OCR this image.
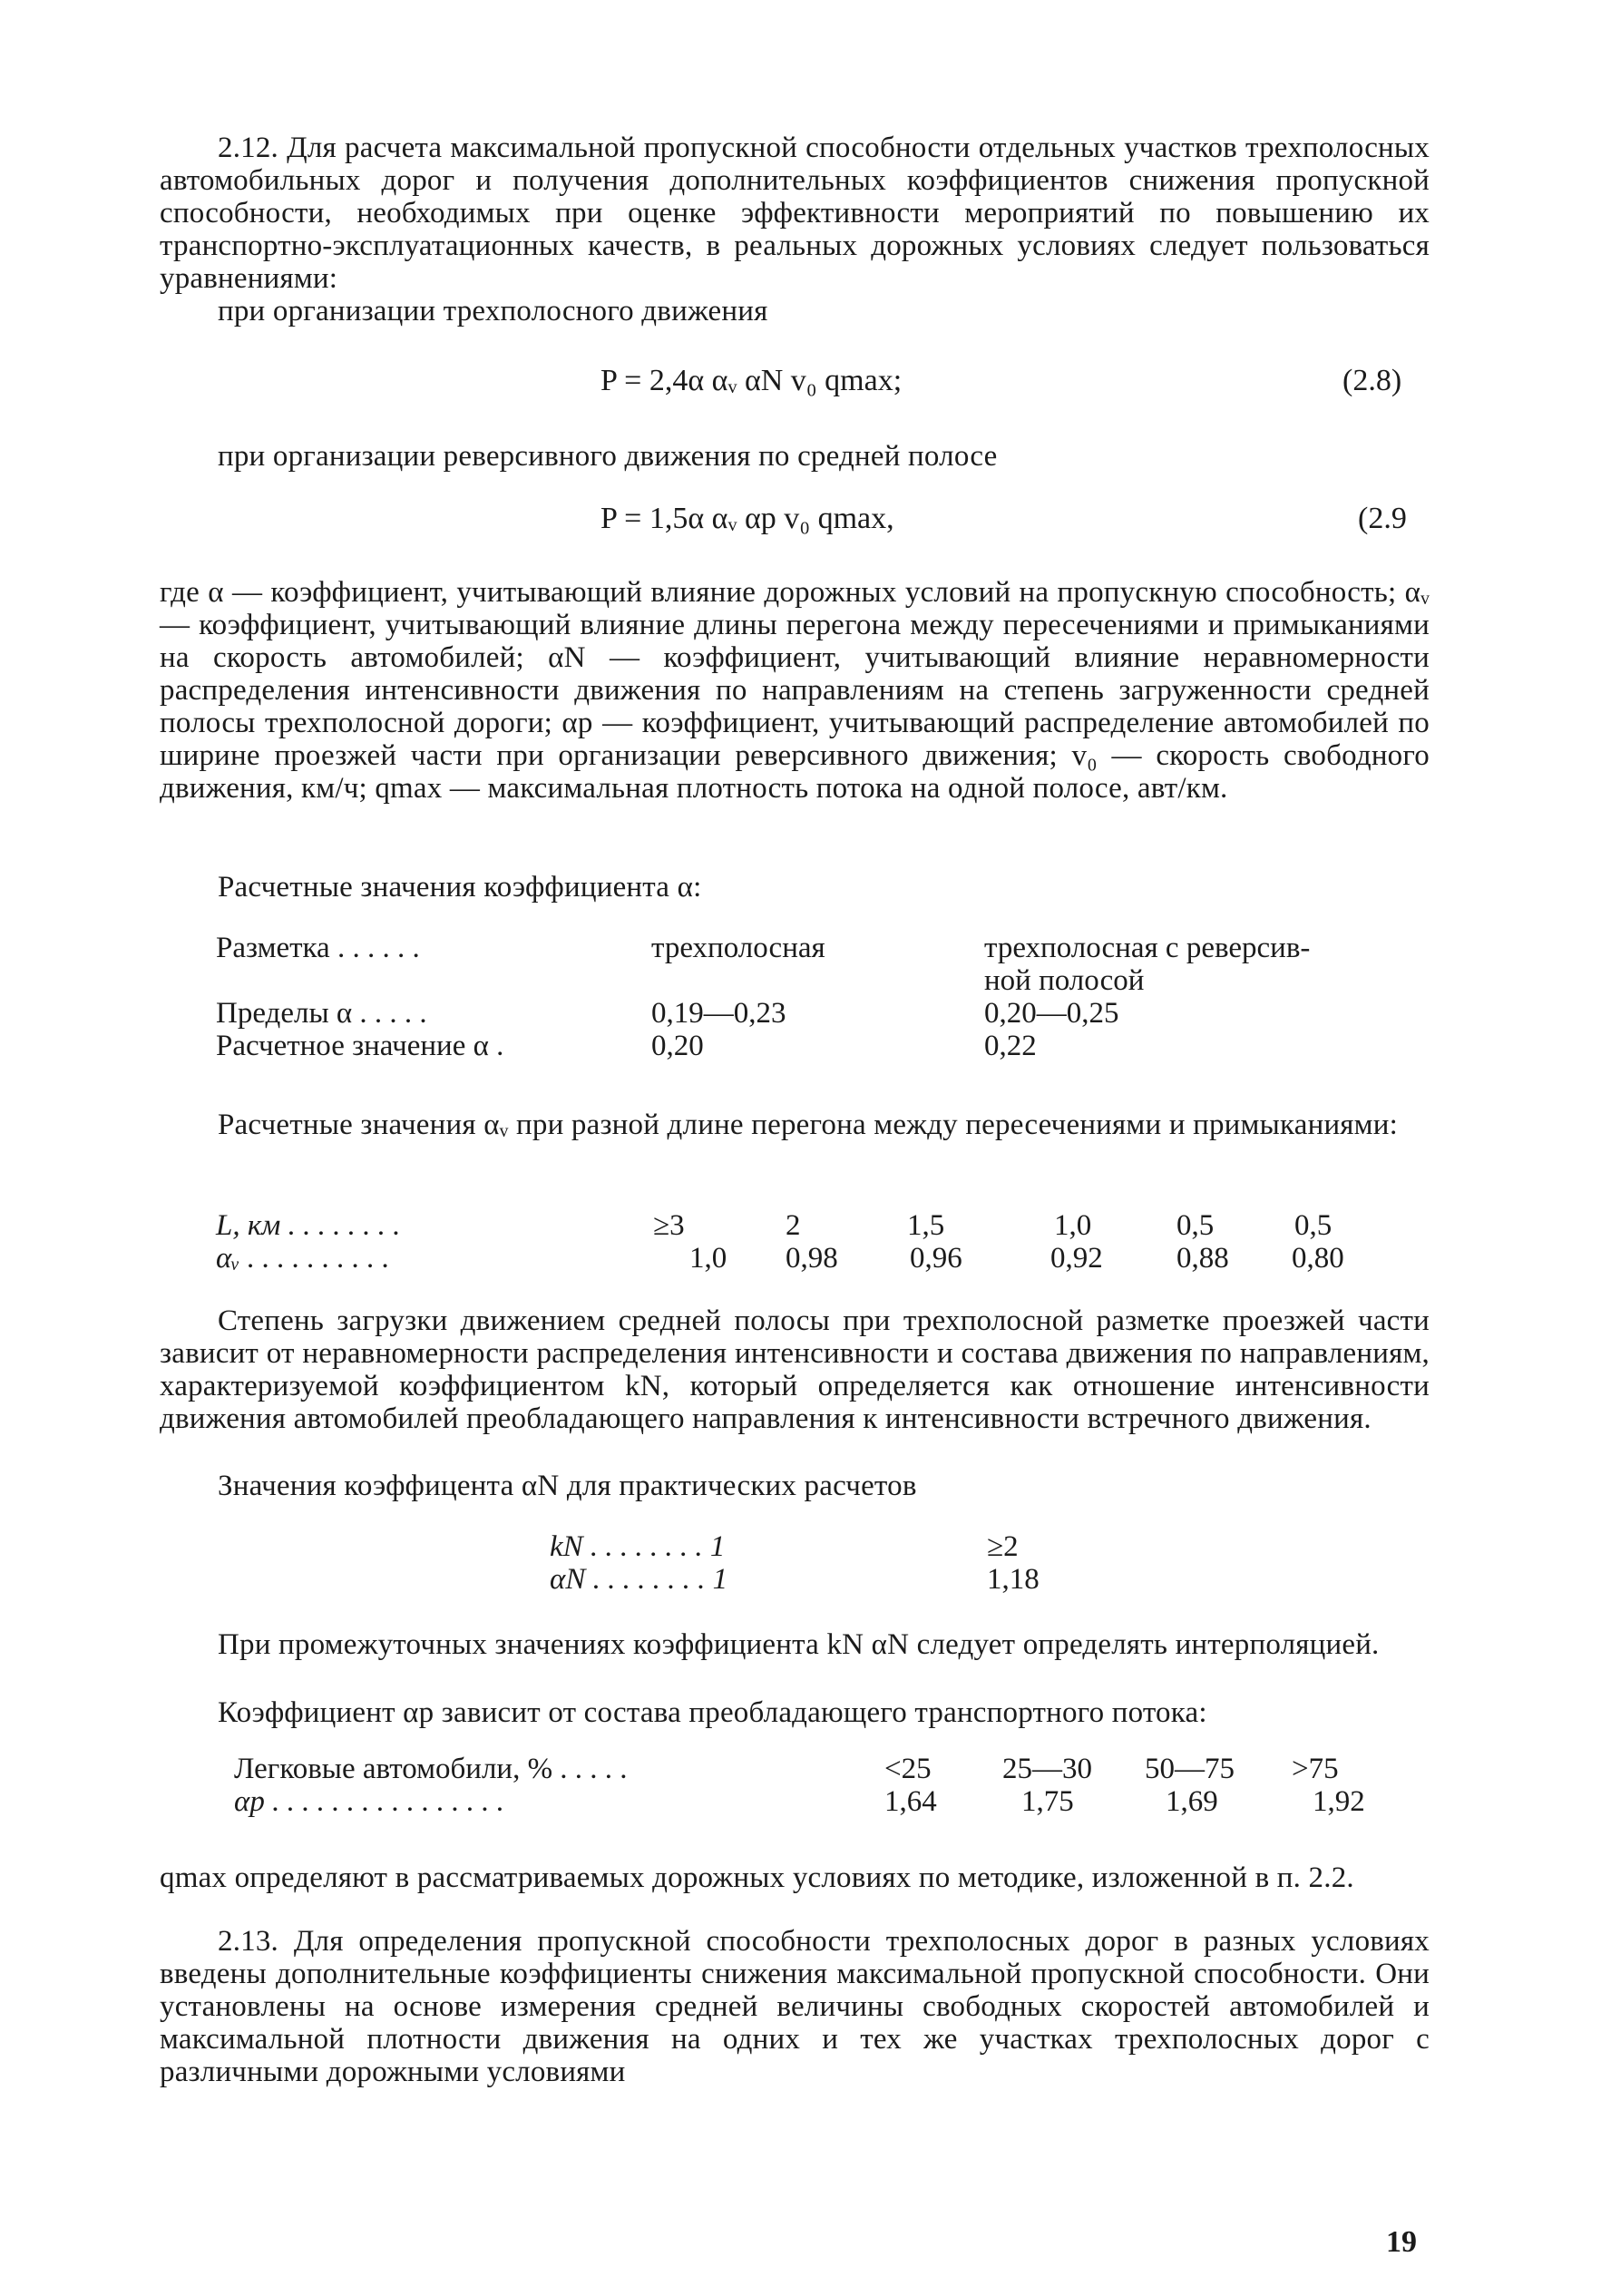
2.12. Для расчета максимальной пропускной способности отдельных участков трехполосных автомобильных дорог и получения дополнительных коэффициентов снижения пропускной способности, необходимых при оценке эффективности мероприятий по повышению их транспортно-эксплуатационных качеств, в реальных дорожных условиях следует пользоваться уравнениями:
при организации трехполосного движения
P = 2,4α αᵥ αN v₀ qmax;	(2.8)
при организации реверсивного движения по средней полосе
P = 1,5α αᵥ αр v₀ qmax,	(2.9
где α — коэффициент, учитывающий влияние дорожных условий на пропускную способность; αᵥ — коэффициент, учитывающий влияние длины перегона между пересечениями и примыканиями на скорость автомобилей; αN — коэффициент, учитывающий влияние неравномерности распределения интенсивности движения по направлениям на степень загруженности средней полосы трехполосной дороги; αр — коэффициент, учитывающий распределение автомобилей по ширине проезжей части при организации реверсивного движения; v₀ — скорость свободного движения, км/ч; qmax — максимальная плотность потока на одной полосе, авт/км.
Расчетные значения коэффициента α:
Разметка . . . . . .	трехполосная	трехполосная с реверсив-
ной полосой
Пределы α . . . . .	0,19—0,23	0,20—0,25
Расчетное значение α .	0,20	0,22
Расчетные значения αᵥ при разной длине перегона между пересечениями и примыканиями:
L, км . . . . . . . .	≥3	2	1,5	1,0	0,5	0,5
αᵥ . . . . . . . . . .	1,0 0,98 0,96	0,92 0,88 0,80
Степень загрузки движением средней полосы при трехполосной разметке проезжей части зависит от неравномерности распределения интенсивности и состава движения по направлениям, характеризуемой коэффициентом kN, который определяется как отношение интенсивности движения автомобилей преобладающего направления к интенсивности встречного движения.
Значения коэффицента αN для практических расчетов
kN . . . . . . . . 1	≥2
αN . . . . . . . . 1	1,18
При промежуточных значениях коэффициента kN αN следует определять интерполяцией.
Коэффициент αр зависит от состава преобладающего транспортного потока:
Легковые автомобили, % . . . . .	<25 25—30 50—75 >75
αр . . . . . . . . . . . . . . . .	1,64	1,75	1,69	1,92
qmax определяют в рассматриваемых дорожных условиях по методике, изложенной в п. 2.2.
2.13. Для определения пропускной способности трехполосных дорог в разных условиях введены дополнительные коэффициенты снижения максимальной пропускной способности. Они установлены на основе измерения средней величины свободных скоростей автомобилей и максимальной плотности движения на одних и тех же участках трехполосных дорог с различными дорожными условиями
19
